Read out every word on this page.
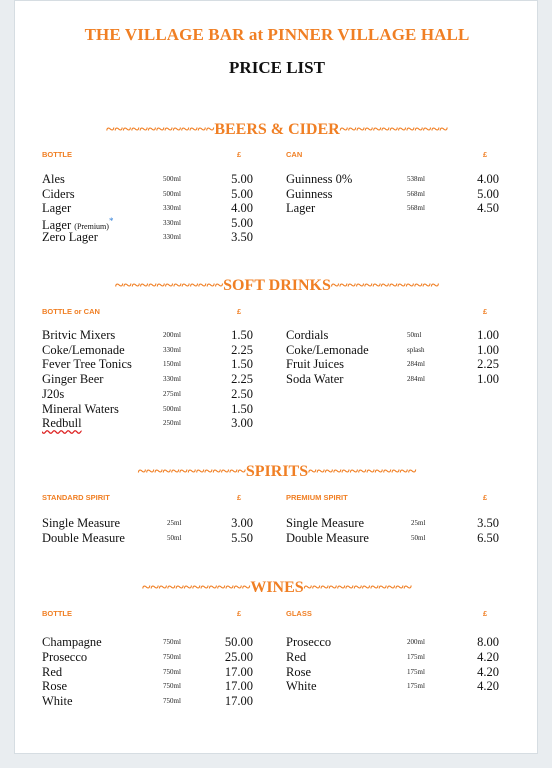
THE VILLAGE BAR at PINNER VILLAGE HALL
PRICE LIST
~~~~~~~~~~~~~BEERS & CIDER~~~~~~~~~~~~~
BOTTLE	£
Ales	500ml	5.00
Ciders	500ml	5.00
Lager	330ml	4.00
Lager (Premium)*	330ml	5.00
Zero Lager	330ml	3.50
CAN	£
Guinness 0%	538ml	4.00
Guinness	568ml	5.00
Lager	568ml	4.50
~~~~~~~~~~~~~SOFT DRINKS~~~~~~~~~~~~~
BOTTLE or CAN	£
Britvic Mixers	200ml	1.50
Coke/Lemonade	330ml	2.25
Fever Tree Tonics	150ml	1.50
Ginger Beer	330ml	2.25
J20s	275ml	2.50
Mineral Waters	500ml	1.50
Redbull	250ml	3.00
£
Cordials	50ml	1.00
Coke/Lemonade	splash	1.00
Fruit Juices	284ml	2.25
Soda Water	284ml	1.00
~~~~~~~~~~~~~SPIRITS~~~~~~~~~~~~~
STANDARD SPIRIT	£
Single Measure	25ml	3.00
Double Measure	50ml	5.50
PREMIUM SPIRIT	£
Single Measure	25ml	3.50
Double Measure	50ml	6.50
~~~~~~~~~~~~~WINES~~~~~~~~~~~~~
BOTTLE	£
Champagne	750ml	50.00
Prosecco	750ml	25.00
Red	750ml	17.00
Rose	750ml	17.00
White	750ml	17.00
GLASS	£
Prosecco	200ml	8.00
Red	175ml	4.20
Rose	175ml	4.20
White	175ml	4.20
